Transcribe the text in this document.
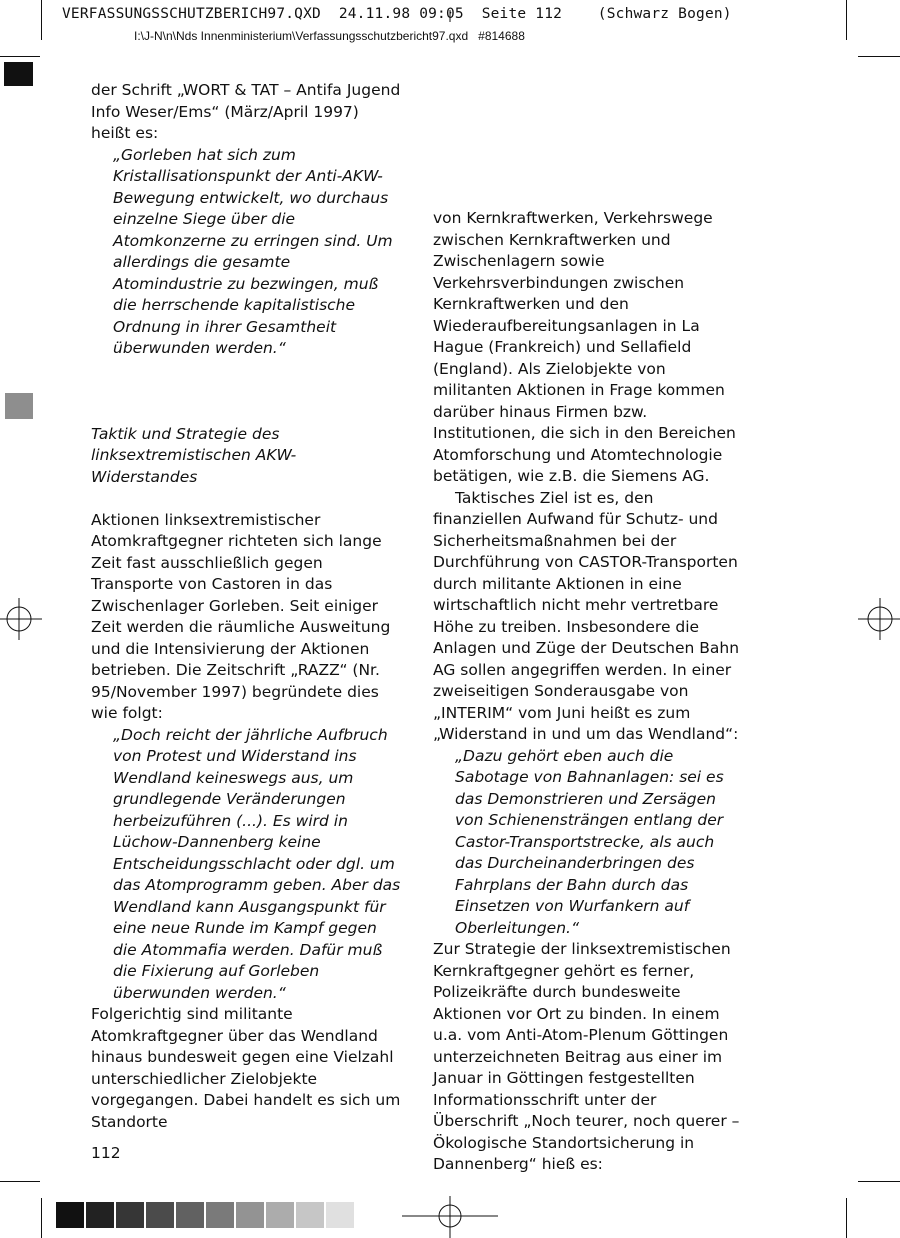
VERFASSUNGSSCHUTZBERICH97.QXD  24.11.98 09:05  Seite 112    (Schwarz Bogen)
I:\J-N\n\Nds Innenministerium\Verfassungsschutzbericht97.qxd   #814688

der Schrift „WORT & TAT – Antifa Jugend Info Weser/Ems“ (März/April 1997) heißt es:

„Gorleben hat sich zum Kristallisationspunkt der Anti-AKW-Bewegung entwickelt, wo durchaus einzelne Siege über die Atomkonzerne zu erringen sind. Um allerdings die gesamte Atomindustrie zu bezwingen, muß die herrschende kapitalistische Ordnung in ihrer Gesamtheit überwunden werden.“

Taktik und Strategie des linksextremistischen AKW-Widerstandes

Aktionen linksextremistischer Atomkraftgegner richteten sich lange Zeit fast ausschließlich gegen Transporte von Castoren in das Zwischenlager Gorleben. Seit einiger Zeit werden die räumliche Ausweitung und die Intensivierung der Aktionen betrieben. Die Zeitschrift „RAZZ“ (Nr. 95/November 1997) begründete dies wie folgt:

„Doch reicht der jährliche Aufbruch von Protest und Widerstand ins Wendland keineswegs aus, um grundlegende Veränderungen herbeizuführen (...). Es wird in Lüchow-Dannenberg keine Entscheidungsschlacht oder dgl. um das Atomprogramm geben. Aber das Wendland kann Ausgangspunkt für eine neue Runde im Kampf gegen die Atommafia werden. Dafür muß die Fixierung auf Gorleben überwunden werden.“

Folgerichtig sind militante Atomkraftgegner über das Wendland hinaus bundesweit gegen eine Vielzahl unterschiedlicher Zielobjekte vorgegangen. Dabei handelt es sich um Standorte

von Kernkraftwerken, Verkehrswege zwischen Kernkraftwerken und Zwischenlagern sowie Verkehrsverbindungen zwischen Kernkraftwerken und den Wiederaufbereitungsanlagen in La Hague (Frankreich) und Sellafield (England). Als Zielobjekte von militanten Aktionen in Frage kommen darüber hinaus Firmen bzw. Institutionen, die sich in den Bereichen Atomforschung und Atomtechnologie betätigen, wie z.B. die Siemens AG.

Taktisches Ziel ist es, den finanziellen Aufwand für Schutz- und Sicherheitsmaßnahmen bei der Durchführung von CASTOR-Transporten durch militante Aktionen in eine wirtschaftlich nicht mehr vertretbare Höhe zu treiben. Insbesondere die Anlagen und Züge der Deutschen Bahn AG sollen angegriffen werden. In einer zweiseitigen Sonderausgabe von „INTERIM“ vom Juni heißt es zum „Widerstand in und um das Wendland“:

„Dazu gehört eben auch die Sabotage von Bahnanlagen: sei es das Demonstrieren und Zersägen von Schienensträngen entlang der Castor-Transportstrecke, als auch das Durcheinanderbringen des Fahrplans der Bahn durch das Einsetzen von Wurfankern auf Oberleitungen.“

Zur Strategie der linksextremistischen Kernkraftgegner gehört es ferner, Polizeikräfte durch bundesweite Aktionen vor Ort zu binden. In einem u.a. vom Anti-Atom-Plenum Göttingen unterzeichneten Beitrag aus einer im Januar in Göttingen festgestellten Informationsschrift unter der Überschrift „Noch teurer, noch querer – Ökologische Standortsicherung in Dannenberg“ hieß es:

112
